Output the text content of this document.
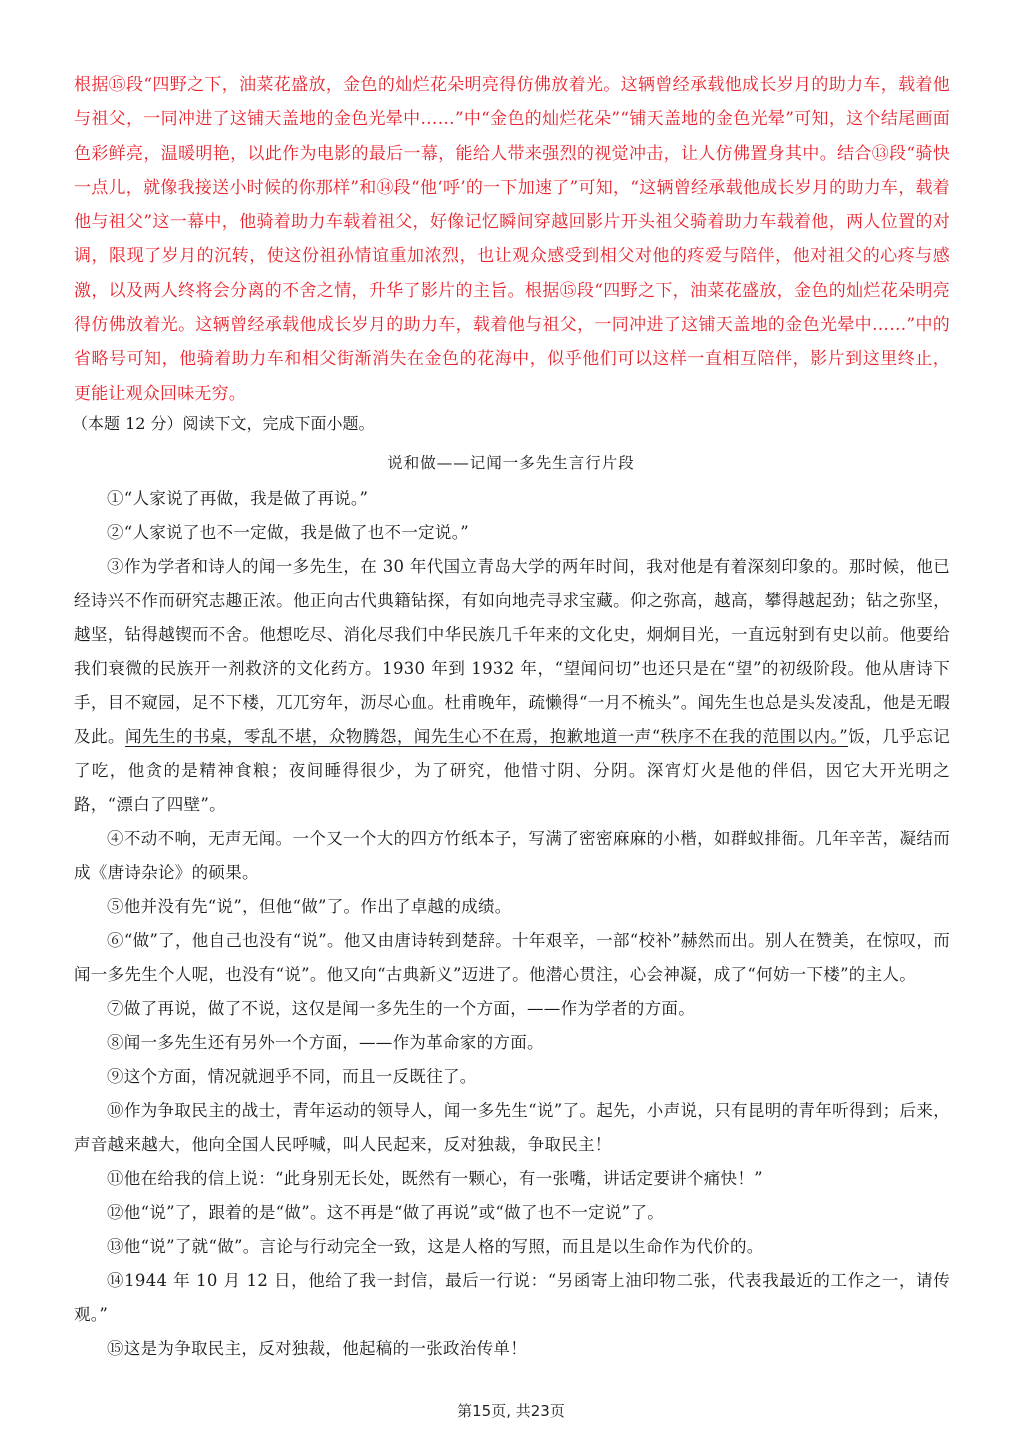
根据⑮段“四野之下，油菜花盛放，金色的灿烂花朵明亮得仿佛放着光。这辆曾经承载他成长岁月的助力车，载着他与祖父，一同冲进了这铺天盖地的金色光晕中……”中“金色的灿烂花朵”“铺天盖地的金色光晕”可知，这个结尾画面色彩鲜亮，温暖明艳，以此作为电影的最后一幕，能给人带来强烈的视觉冲击，让人仿佛置身其中。结合⑬段“骑快一点儿，就像我接送小时候的你那样”和⑭段“他‘呼’的一下加速了”可知，“这辆曾经承载他成长岁月的助力车，载着他与祖父”这一幕中，他骑着助力车载着祖父，好像记忆瞬间穿越回影片开头祖父骑着助力车载着他，两人位置的对调，限现了岁月的沉转，使这份祖孙情谊重加浓烈，也让观众感受到相父对他的疼爱与陪伴，他对祖父的心疼与感激，以及两人终将会分离的不舍之情，升华了影片的主旨。根据⑮段“四野之下，油菜花盛放，金色的灿烂花朵明亮得仿佛放着光。这辆曾经承载他成长岁月的助力车，载着他与祖父，一同冲进了这铺天盖地的金色光晕中……”中的省略号可知，他骑着助力车和相父街渐消失在金色的花海中，似乎他们可以这样一直相互陪伴，影片到这里终止，更能让观众回味无穷。
（本题 12 分）阅读下文，完成下面小题。
说和做——记闻一多先生言行片段

①“人家说了再做，我是做了再说。”

②“人家说了也不一定做，我是做了也不一定说。”

③作为学者和诗人的闻一多先生，在 30 年代国立青岛大学的两年时间，我对他是有着深刻印象的。那时候，他已经诗兴不作而研究志趣正浓。他正向古代典籍钻探，有如向地壳寻求宝藏。仰之弥高，越高，攀得越起劲；钻之弥坚，越坚，钻得越锲而不舍。他想吃尽、消化尽我们中华民族几千年来的文化史，炯炯目光，一直远射到有史以前。他要给我们衰微的民族开一剂救济的文化药方。1930 年到 1932 年，“望闻问切”也还只是在“望”的初级阶段。他从唐诗下手，目不窥园，足不下楼，兀兀穷年，沥尽心血。杜甫晚年，疏懒得“一月不梳头”。闻先生也总是头发凌乱，他是无暇及此。闻先生的书桌，零乱不堪，众物腾怨，闻先生心不在焉，抱歉地道一声“秩序不在我的范围以内。”饭，几乎忘记了吃，他贪的是精神食粮；夜间睡得很少，为了研究，他惜寸阴、分阴。深宵灯火是他的伴侣，因它大开光明之路，“漂白了四壁”。

④不动不响，无声无闻。一个又一个大的四方竹纸本子，写满了密密麻麻的小楷，如群蚁排衙。几年辛苦，凝结而成《唐诗杂论》的硕果。

⑤他并没有先“说”，但他“做”了。作出了卓越的成绩。

⑥“做”了，他自己也没有“说”。他又由唐诗转到楚辞。十年艰辛，一部“校补”赫然而出。别人在赞美，在惊叹，而闻一多先生个人呢，也没有“说”。他又向“古典新义”迈进了。他潜心贯注，心会神凝，成了“何妨一下楼”的主人。

⑦做了再说，做了不说，这仅是闻一多先生的一个方面，——作为学者的方面。

⑧闻一多先生还有另外一个方面，——作为革命家的方面。

⑨这个方面，情况就迥乎不同，而且一反既往了。

⑩作为争取民主的战士，青年运动的领导人，闻一多先生“说”了。起先，小声说，只有昆明的青年听得到；后来，声音越来越大，他向全国人民呼喊，叫人民起来，反对独裁，争取民主！

⑪他在给我的信上说：“此身别无长处，既然有一颗心，有一张嘴，讲话定要讲个痛快！”

⑫他“说”了，跟着的是“做”。这不再是“做了再说”或“做了也不一定说”了。

⑬他“说”了就“做”。言论与行动完全一致，这是人格的写照，而且是以生命作为代价的。

⑭1944 年 10 月 12 日，他给了我一封信，最后一行说：“另函寄上油印物二张，代表我最近的工作之一，请传观。”

⑮这是为争取民主，反对独裁，他起稿的一张政治传单！

第15页, 共23页
